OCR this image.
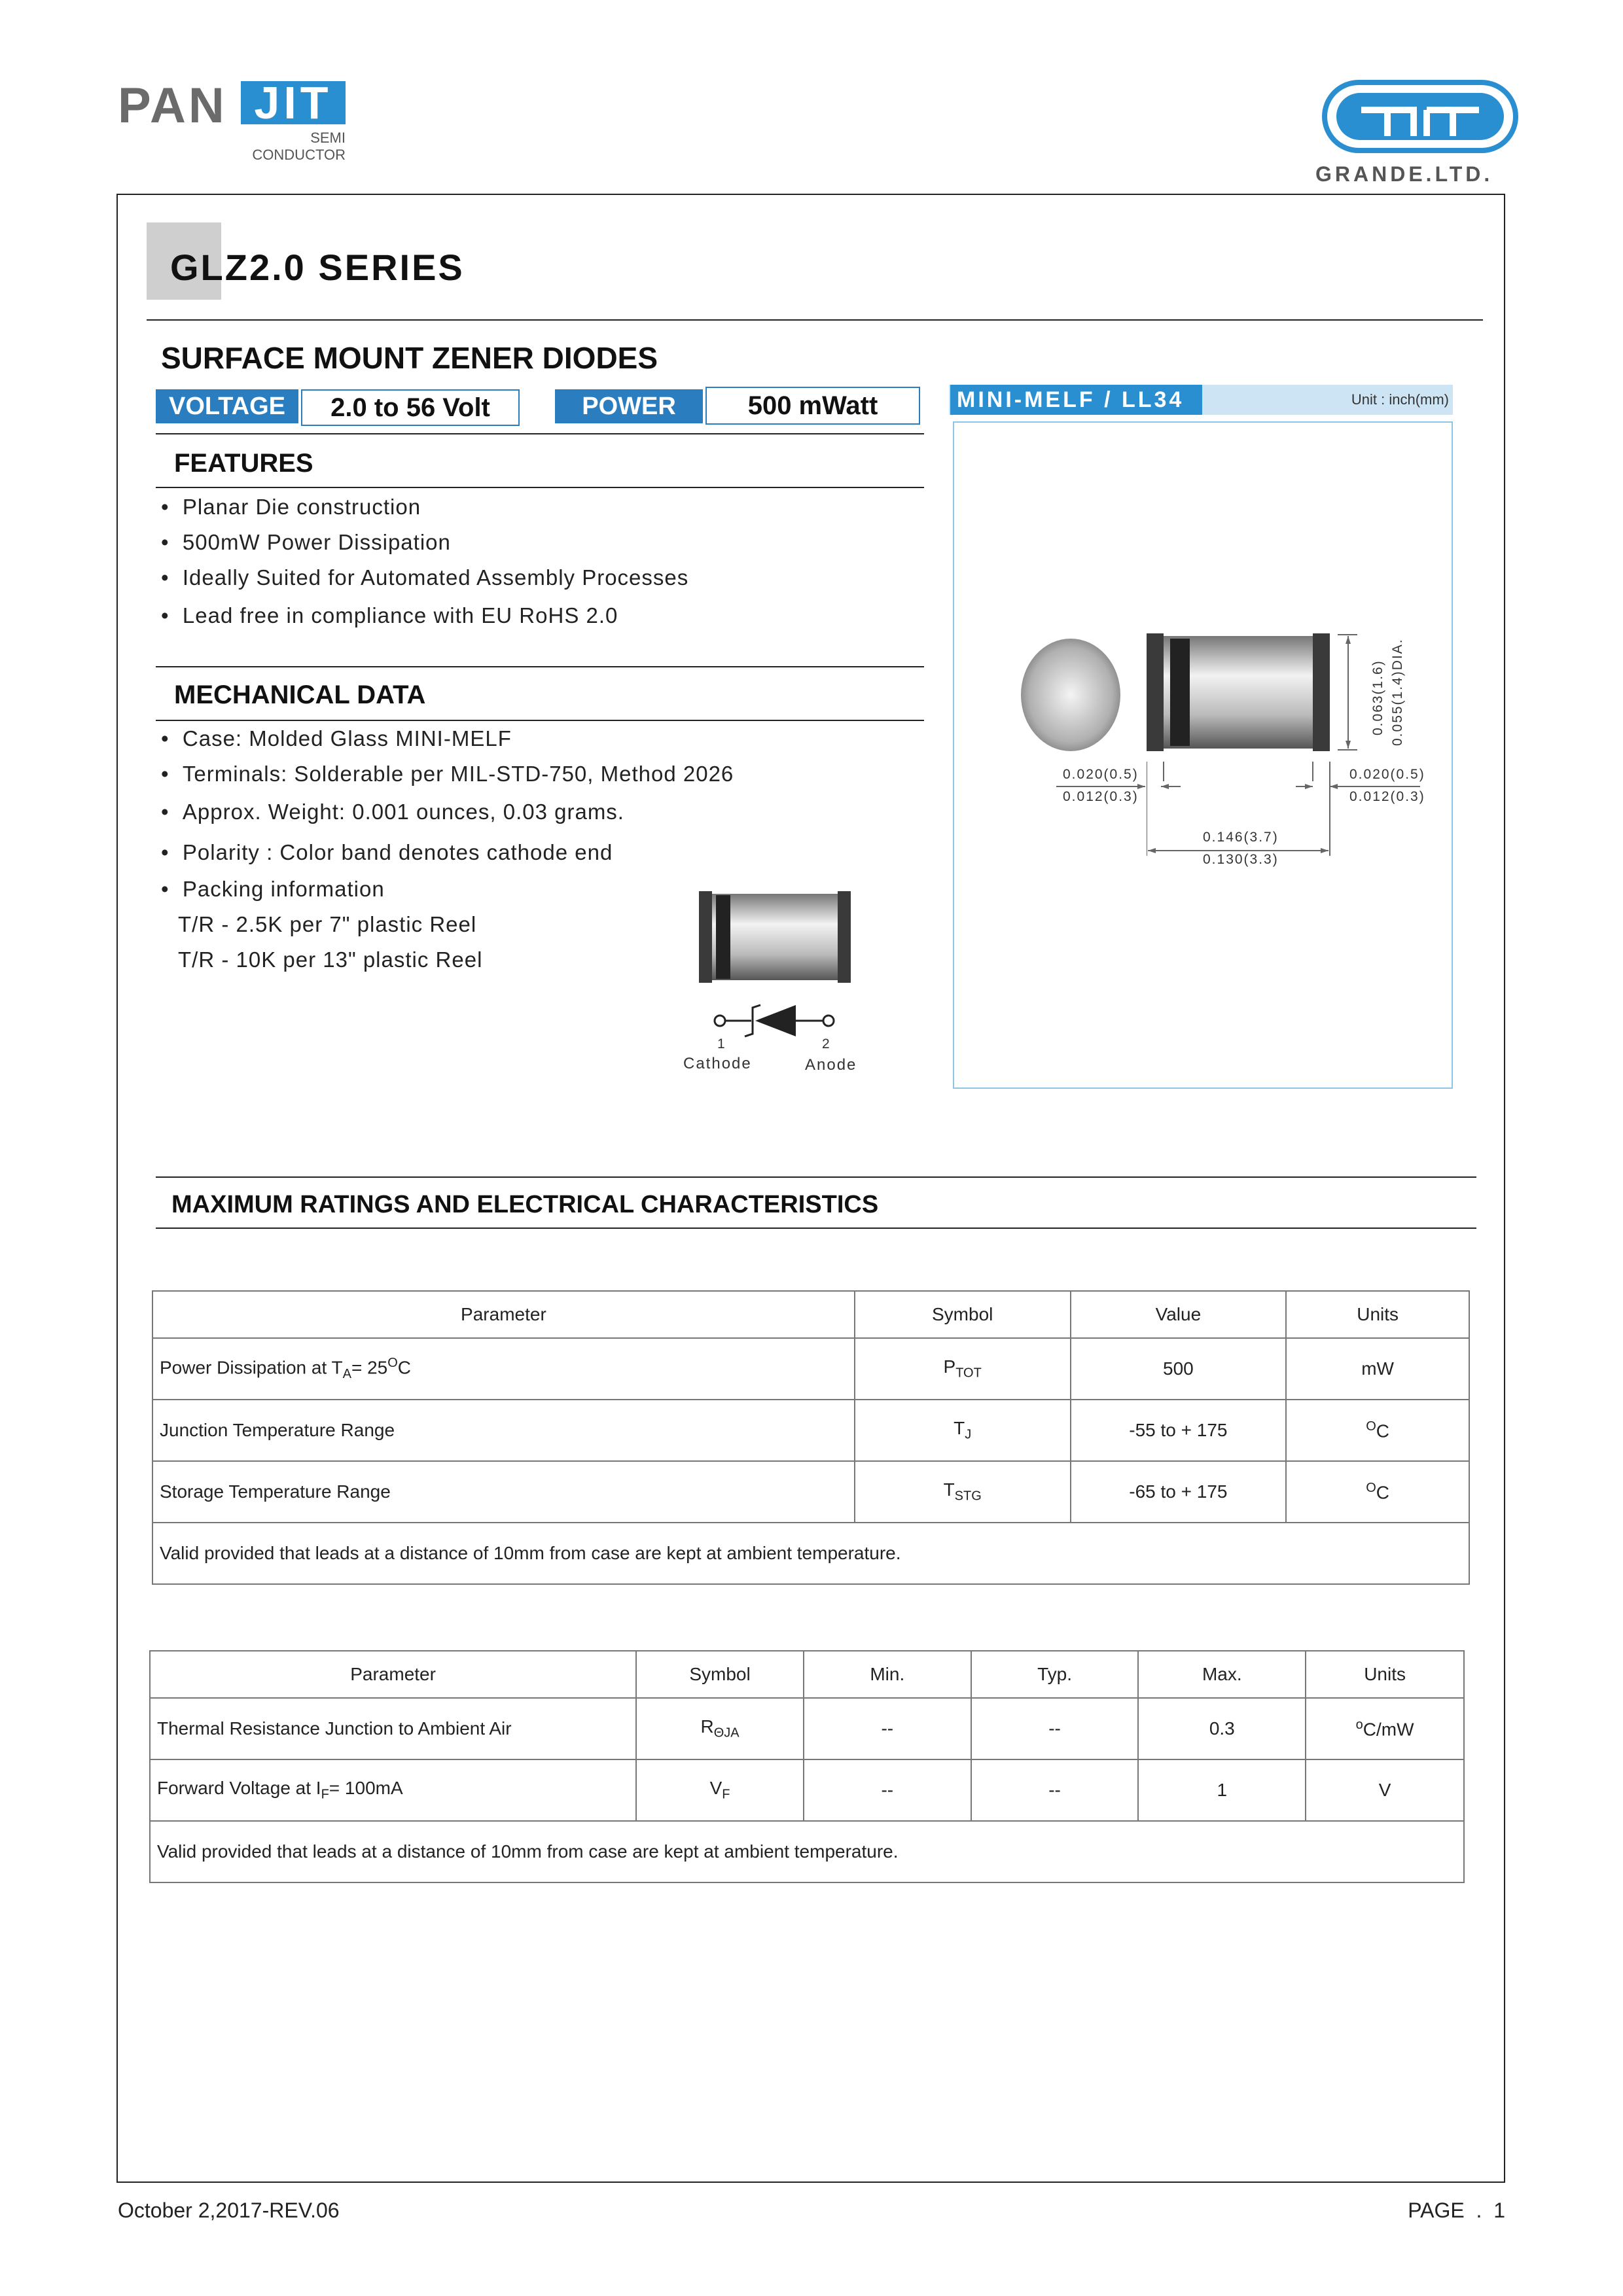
PAN JIT
SEMI
CONDUCTOR
GRANDE.LTD.
GLZ2.0 SERIES
SURFACE MOUNT ZENER DIODES
VOLTAGE	2.0 to 56 Volt	POWER	500 mWatt
FEATURES
•  Planar Die construction
•  500mW Power Dissipation
•  Ideally Suited for Automated Assembly Processes
•  Lead free in compliance with EU RoHS 2.0
MECHANICAL DATA
•  Case: Molded Glass MINI-MELF
•  Terminals: Solderable per MIL-STD-750, Method 2026
•  Approx. Weight: 0.001 ounces, 0.03 grams.
•  Polarity : Color band denotes cathode end
•  Packing information
T/R - 2.5K per 7" plastic Reel
T/R - 10K per 13" plastic Reel
1	2
Cathode	Anode
MINI-MELF / LL34	Unit : inch(mm)
0.020(0.5)
0.012(0.3)
0.020(0.5)
0.012(0.3)
0.146(3.7)
0.130(3.3)
0.063(1.6) 0.055(1.4)DIA.
MAXIMUM RATINGS AND ELECTRICAL CHARACTERISTICS
Parameter	Symbol	Value	Units
Power Dissipation at $T_A= 25^OC$	$P_{TOT}$	500	mW
Junction Temperature Range	$T_J$	-55 to + 175	$^O$C
Storage Temperature Range	$T_{STG}$	-65 to + 175	$^O$C
Valid provided that leads at a distance of 10mm from case are kept at ambient temperature.			
Parameter	Symbol	Min.	Typ.	Max.	Units
Thermal Resistance Junction to Ambient Air	$R_{\Theta JA}$	--	--	0.3	$^o$C/mW
Forward Voltage at $I_F= 100mA$	$V_F$	--	--	1	V
Valid provided that leads at a distance of 10mm from case are kept at ambient temperature.					
October 2,2017-REV.06	PAGE  .  1
